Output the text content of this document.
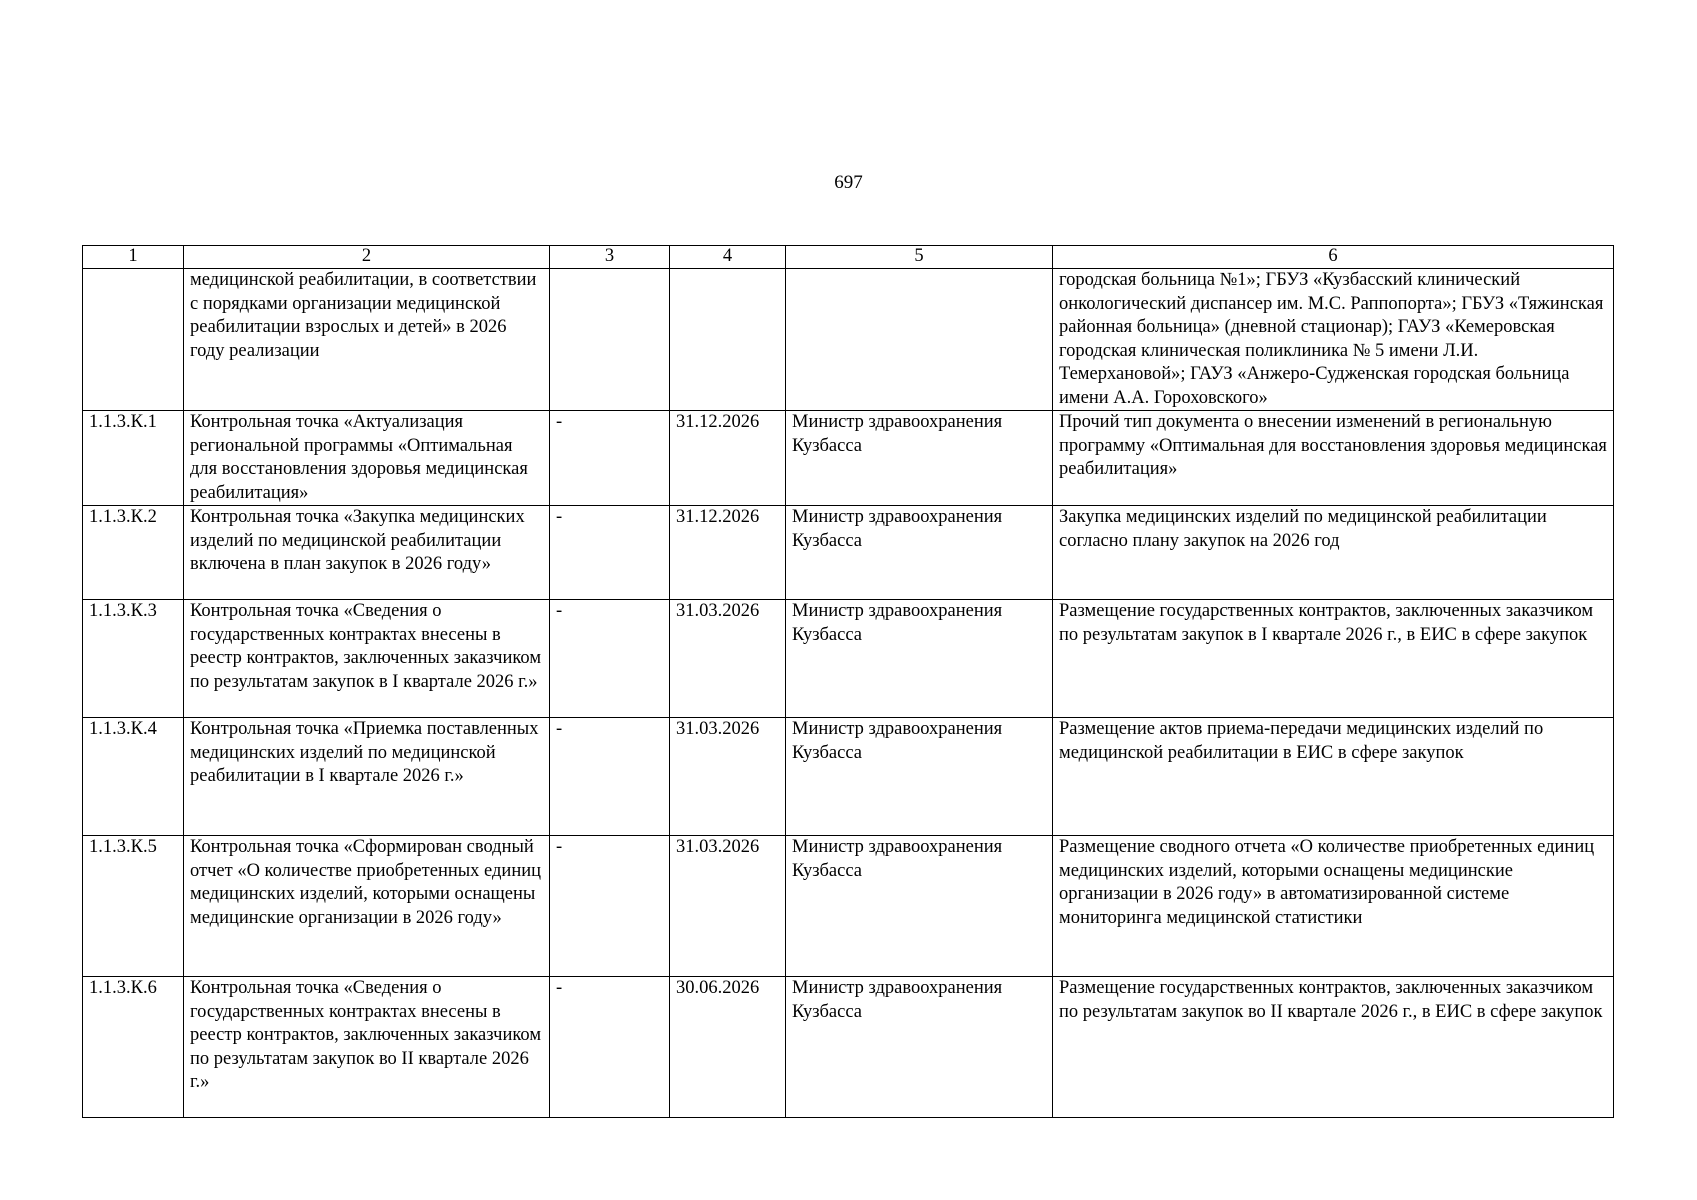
697
1	2	3	4	5	6
	медицинской реабилитации, в соответствии с порядками организации медицинской реабилитации взрослых и детей» в 2026 году реализации				городская больница №1»; ГБУЗ «Кузбасский клинический онкологический диспансер им. М.С. Раппопорта»; ГБУЗ «Тяжинская районная больница» (дневной стационар); ГАУЗ «Кемеровская городская клиническая поликлиника № 5 имени Л.И. Темерхановой»; ГАУЗ «Анжеро-Судженская городская больница имени А.А. Гороховского»
1.1.3.К.1	Контрольная точка «Актуализация региональной программы «Оптимальная для восстановления здоровья медицинская реабилитация»	-	31.12.2026	Министр здравоохранения Кузбасса	Прочий тип документа о внесении изменений в региональную программу «Оптимальная для восстановления здоровья медицинская реабилитация»
1.1.3.К.2	Контрольная точка «Закупка медицинских изделий по медицинской реабилитации включена в план закупок в 2026 году»	-	31.12.2026	Министр здравоохранения Кузбасса	Закупка медицинских изделий по медицинской реабилитации согласно плану закупок на 2026 год
1.1.3.К.3	Контрольная точка «Сведения о государственных контрактах внесены в реестр контрактов, заключенных заказчиком по результатам закупок в I квартале 2026 г.»	-	31.03.2026	Министр здравоохранения Кузбасса	Размещение государственных контрактов, заключенных заказчиком по результатам закупок в I квартале 2026 г., в ЕИС в сфере закупок
1.1.3.К.4	Контрольная точка «Приемка поставленных медицинских изделий по медицинской реабилитации в I квартале 2026 г.»	-	31.03.2026	Министр здравоохранения Кузбасса	Размещение актов приема-передачи медицинских изделий по медицинской реабилитации в ЕИС в сфере закупок
1.1.3.К.5	Контрольная точка «Сформирован сводный отчет «О количестве приобретенных единиц медицинских изделий, которыми оснащены медицинские организации в 2026 году»	-	31.03.2026	Министр здравоохранения Кузбасса	Размещение сводного отчета «О количестве приобретенных единиц медицинских изделий, которыми оснащены медицинские организации в 2026 году» в автоматизированной системе мониторинга медицинской статистики
1.1.3.К.6	Контрольная точка «Сведения о государственных контрактах внесены в реестр контрактов, заключенных заказчиком по результатам закупок во II квартале 2026 г.»	-	30.06.2026	Министр здравоохранения Кузбасса	Размещение государственных контрактов, заключенных заказчиком по результатам закупок во II квартале 2026 г., в ЕИС в сфере закупок
